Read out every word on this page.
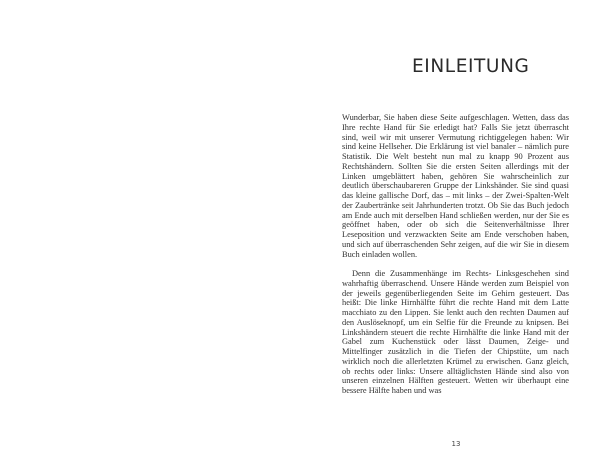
EINLEITUNG

Wunderbar, Sie haben diese Seite aufgeschlagen. Wetten, dass das Ihre rechte Hand für Sie erledigt hat? Falls Sie jetzt überrascht sind, weil wir mit unserer Vermutung richtiggelegen haben: Wir sind keine Hellseher. Die Erklärung ist viel banaler – nämlich pure Statistik. Die Welt besteht nun mal zu knapp 90 Prozent aus Rechtshändern. Sollten Sie die ersten Seiten allerdings mit der Linken umgeblättert haben, gehören Sie wahrscheinlich zur deutlich überschaubareren Gruppe der Linkshänder. Sie sind quasi das kleine gallische Dorf, das – mit links – der Zwei-Spalten-Welt der Zaubertränke seit Jahrhunderten trotzt. Ob Sie das Buch jedoch am Ende auch mit derselben Hand schließen werden, nur der Sie es geöffnet haben, oder ob sich die Seitenverhältnisse Ihrer Leseposition und verzwackten Seite am Ende verschoben haben, und sich auf überraschenden Sehr zeigen, auf die wir Sie in diesem Buch einladen wollen.

Denn die Zusammenhänge im Rechts- Linksgeschehen sind wahrhaftig überraschend. Unsere Hände werden zum Beispiel von der jeweils gegenüberliegenden Seite im Gehirn gesteuert. Das heißt: Die linke Hirnhälfte führt die rechte Hand mit dem Latte macchiato zu den Lippen. Sie lenkt auch den rechten Daumen auf den Auslöseknopf, um ein Selfie für die Freunde zu knipsen. Bei Linkshändern steuert die rechte Hirnhälfte die linke Hand mit der Gabel zum Kuchenstück oder lässt Daumen, Zeige- und Mittelfinger zusätzlich in die Tiefen der Chipstüte, um nach wirklich noch die allerletzten Krümel zu erwischen. Ganz gleich, ob rechts oder links: Unsere alltäglichsten Hände sind also von unseren einzelnen Hälften gesteuert. Wetten wir überhaupt eine bessere Hälfte haben und was

13
